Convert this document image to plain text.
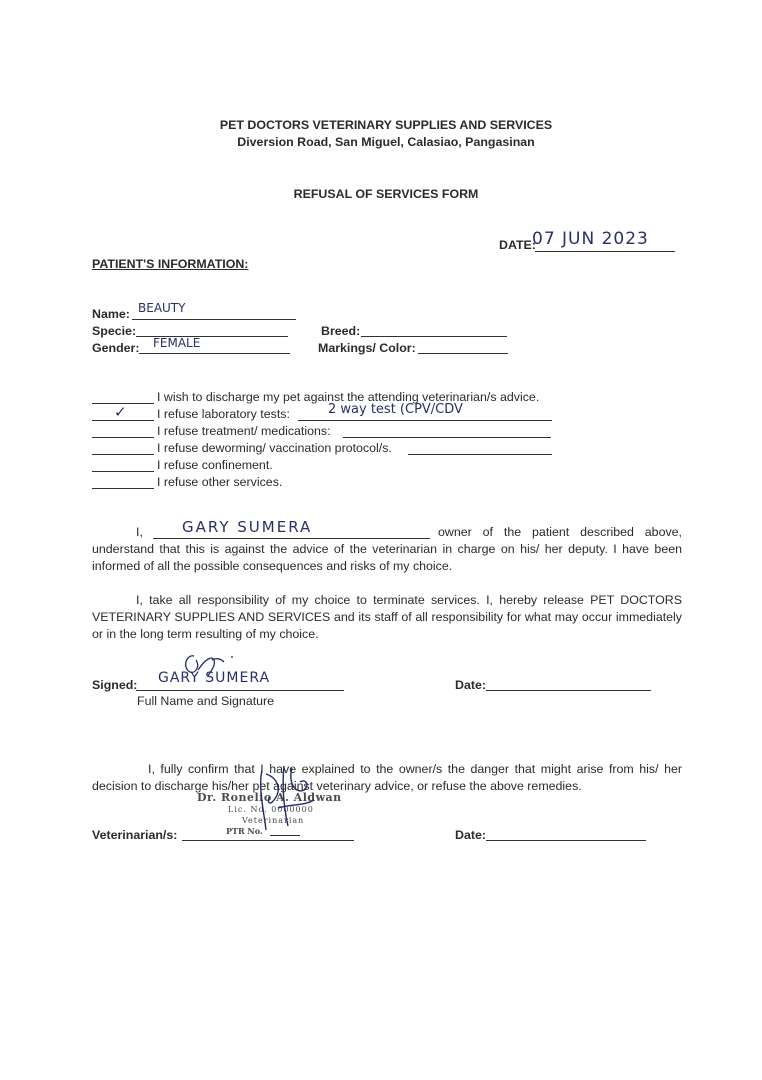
PET DOCTORS VETERINARY SUPPLIES AND SERVICES
Diversion Road, San Miguel, Calasiao, Pangasinan
REFUSAL OF SERVICES FORM
DATE:
07 JUN 2023
PATIENT'S INFORMATION:
Name: BEAUTY
Specie:	Breed:
Gender: FEMALE	Markings/ Color:
I wish to discharge my pet against the attending veterinarian/s advice.
✓ I refuse laboratory tests:	2 way test (CPV/CDV
I refuse treatment/ medications:
I refuse deworming/ vaccination protocol/s.
I refuse confinement.
I refuse other services.
I,	GARY SUMERA	owner of the patient described above,
understand that this is against the advice of the veterinarian in charge on his/ her deputy. I have been informed of all the possible consequences and risks of my choice.
I, take all responsibility of my choice to terminate services. I, hereby release PET DOCTORS VETERINARY SUPPLIES AND SERVICES and its staff of all responsibility for what may occur immediately or in the long term resulting of my choice.
Signed: GARY SUMERA
Full Name and Signature
Date:
I, fully confirm that I have explained to the owner/s the danger that might arise from his/ her decision to discharge his/her pet against veterinary advice, or refuse the above remedies.
Dr. Ronelio A. Aldwan
Lic. No. 0000000
Veterinarian
PTR No.
Veterinarian/s:	Date:
